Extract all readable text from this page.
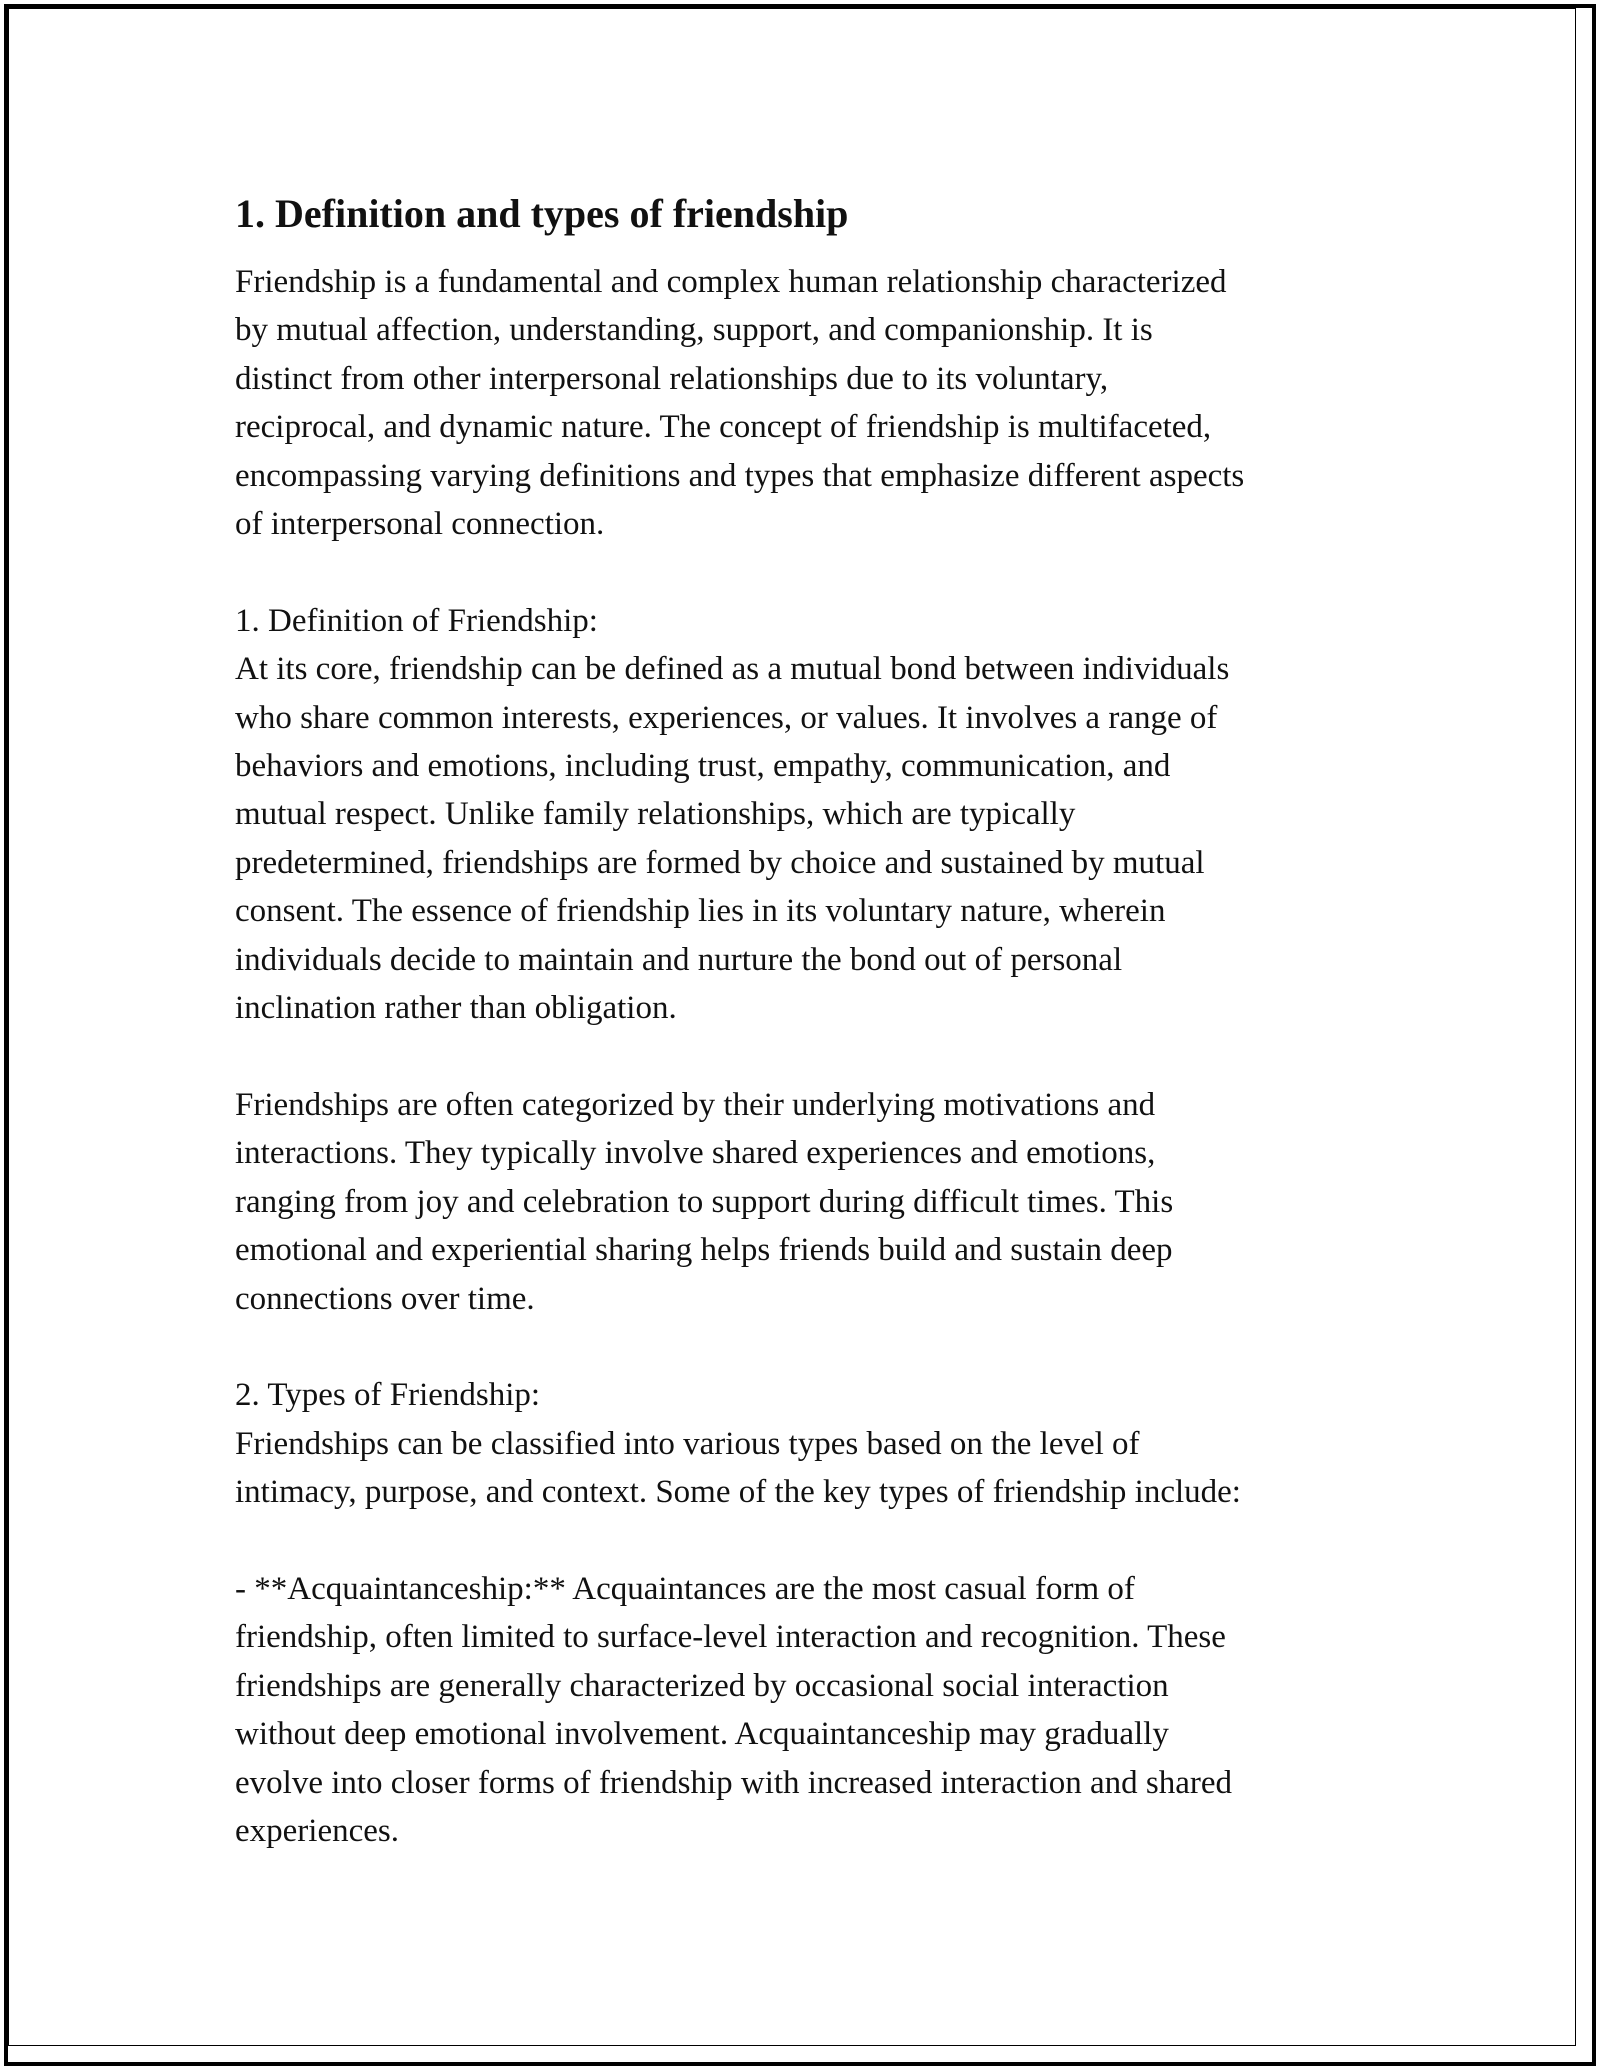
1. Definition and types of friendship

Friendship is a fundamental and complex human relationship characterized
by mutual affection, understanding, support, and companionship. It is
distinct from other interpersonal relationships due to its voluntary,
reciprocal, and dynamic nature. The concept of friendship is multifaceted,
encompassing varying definitions and types that emphasize different aspects
of interpersonal connection.

1. Definition of Friendship:
At its core, friendship can be defined as a mutual bond between individuals
who share common interests, experiences, or values. It involves a range of
behaviors and emotions, including trust, empathy, communication, and
mutual respect. Unlike family relationships, which are typically
predetermined, friendships are formed by choice and sustained by mutual
consent. The essence of friendship lies in its voluntary nature, wherein
individuals decide to maintain and nurture the bond out of personal
inclination rather than obligation.

Friendships are often categorized by their underlying motivations and
interactions. They typically involve shared experiences and emotions,
ranging from joy and celebration to support during difficult times. This
emotional and experiential sharing helps friends build and sustain deep
connections over time.

2. Types of Friendship:
Friendships can be classified into various types based on the level of
intimacy, purpose, and context. Some of the key types of friendship include:

- **Acquaintanceship:** Acquaintances are the most casual form of
friendship, often limited to surface-level interaction and recognition. These
friendships are generally characterized by occasional social interaction
without deep emotional involvement. Acquaintanceship may gradually
evolve into closer forms of friendship with increased interaction and shared
experiences.
